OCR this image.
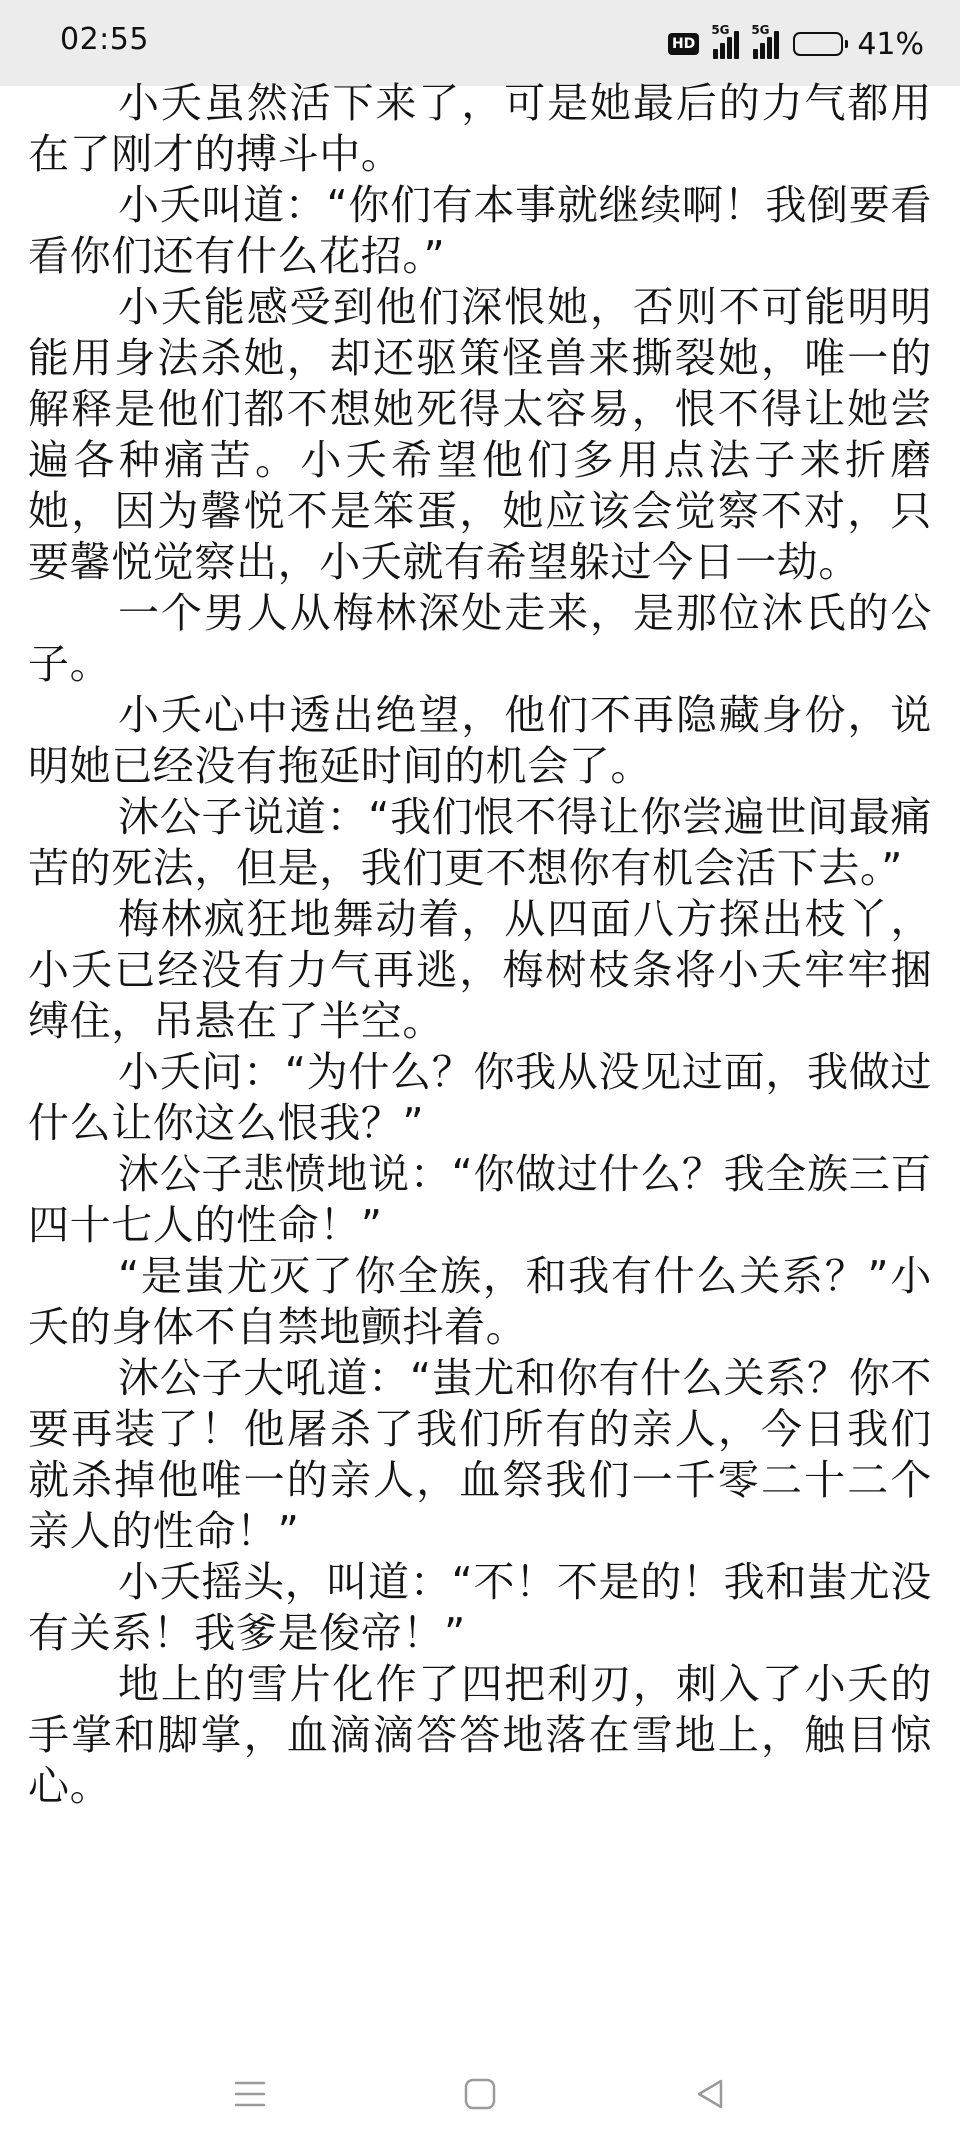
02:55	HD
5G 5G	41%

小夭虽然活下来了，可是她最后的力气都用在了刚才的搏斗中。

小夭叫道：“你们有本事就继续啊！我倒要看看你们还有什么花招。”

小夭能感受到他们深恨她，否则不可能明明能用身法杀她，却还驱策怪兽来撕裂她，唯一的解释是他们都不想她死得太容易，恨不得让她尝遍各种痛苦。小夭希望他们多用点法子来折磨她，因为馨悦不是笨蛋，她应该会觉察不对，只要馨悦觉察出，小夭就有希望躲过今日一劫。

一个男人从梅林深处走来，是那位沐氏的公子。

小夭心中透出绝望，他们不再隐藏身份，说明她已经没有拖延时间的机会了。

沐公子说道：“我们恨不得让你尝遍世间最痛苦的死法，但是，我们更不想你有机会活下去。”

梅林疯狂地舞动着，从四面八方探出枝丫，小夭已经没有力气再逃，梅树枝条将小夭牢牢捆缚住，吊悬在了半空。

小夭问：“为什么？你我从没见过面，我做过什么让你这么恨我？”

沐公子悲愤地说：“你做过什么？我全族三百四十七人的性命！”

“是蚩尤灭了你全族，和我有什么关系？”小夭的身体不自禁地颤抖着。

沐公子大吼道：“蚩尤和你有什么关系？你不要再装了！他屠杀了我们所有的亲人，今日我们就杀掉他唯一的亲人，血祭我们一千零二十二个亲人的性命！”

小夭摇头，叫道：“不！不是的！我和蚩尤没有关系！我爹是俊帝！”

地上的雪片化作了四把利刃，刺入了小夭的手掌和脚掌，血滴滴答答地落在雪地上，触目惊心。
